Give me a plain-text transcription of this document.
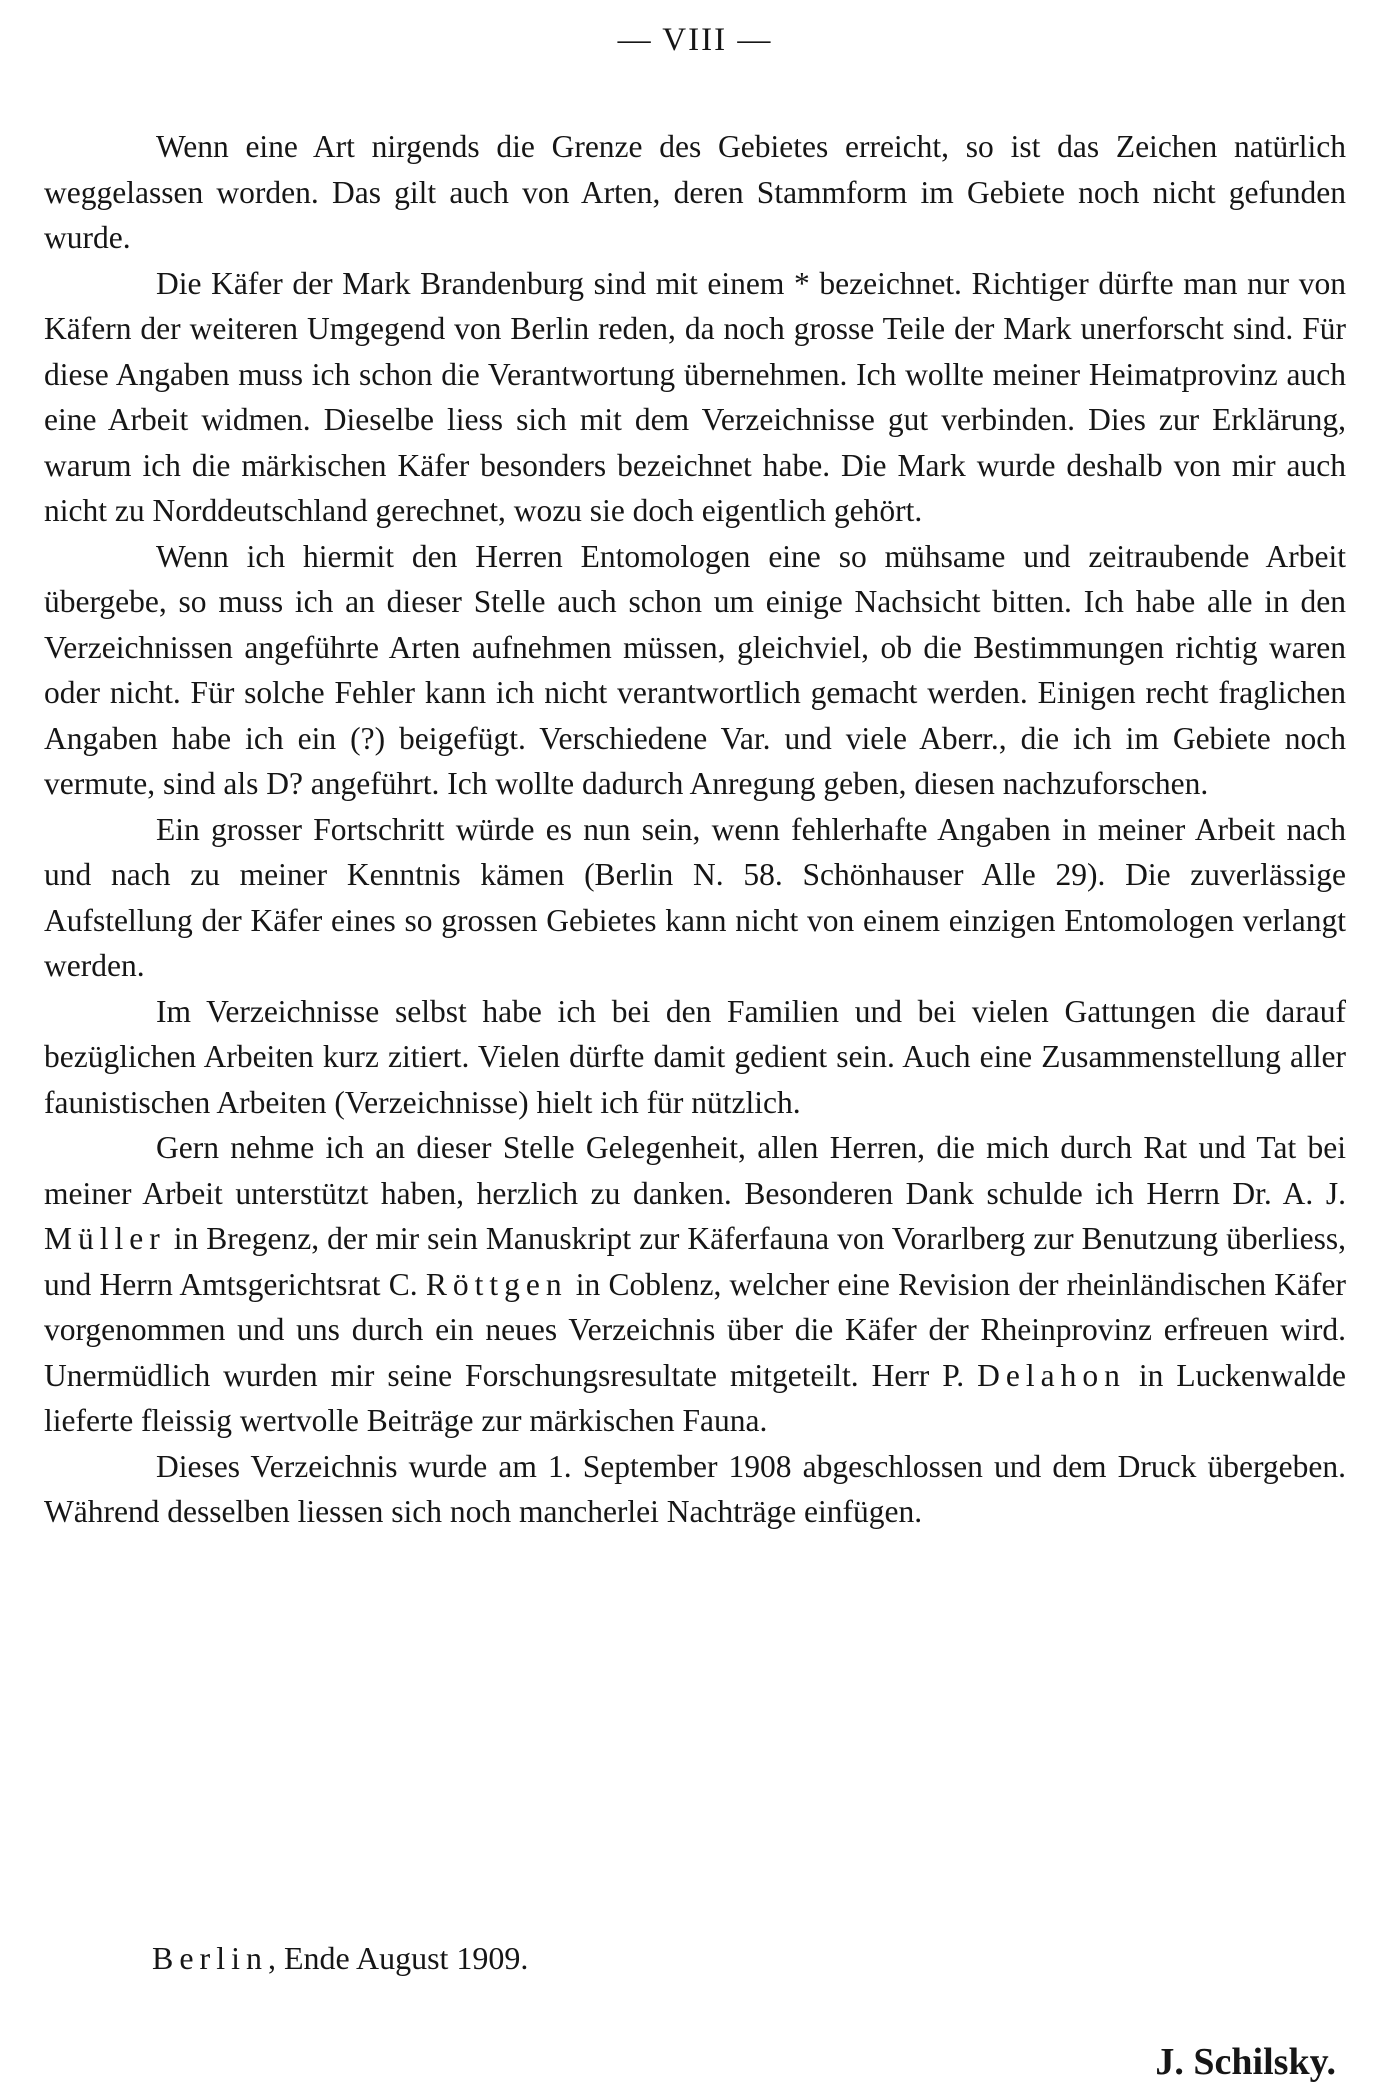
— VIII —

Wenn eine Art nirgends die Grenze des Gebietes erreicht, so ist das Zeichen natürlich weggelassen worden. Das gilt auch von Arten, deren Stammform im Gebiete noch nicht gefunden wurde.

Die Käfer der Mark Brandenburg sind mit einem * bezeichnet. Richtiger dürfte man nur von Käfern der weiteren Umgegend von Berlin reden, da noch grosse Teile der Mark unerforscht sind. Für diese Angaben muss ich schon die Verantwortung übernehmen. Ich wollte meiner Heimatprovinz auch eine Arbeit widmen. Dieselbe liess sich mit dem Verzeichnisse gut verbinden. Dies zur Erklärung, warum ich die märkischen Käfer besonders bezeichnet habe. Die Mark wurde deshalb von mir auch nicht zu Norddeutschland gerechnet, wozu sie doch eigentlich gehört.

Wenn ich hiermit den Herren Entomologen eine so mühsame und zeitraubende Arbeit übergebe, so muss ich an dieser Stelle auch schon um einige Nachsicht bitten. Ich habe alle in den Verzeichnissen angeführte Arten aufnehmen müssen, gleichviel, ob die Bestimmungen richtig waren oder nicht. Für solche Fehler kann ich nicht verantwortlich gemacht werden. Einigen recht fraglichen Angaben habe ich ein (?) beigefügt. Verschiedene Var. und viele Aberr., die ich im Gebiete noch vermute, sind als D? angeführt. Ich wollte dadurch Anregung geben, diesen nachzuforschen.

Ein grosser Fortschritt würde es nun sein, wenn fehlerhafte Angaben in meiner Arbeit nach und nach zu meiner Kenntnis kämen (Berlin N. 58. Schönhauser Alle 29). Die zuverlässige Aufstellung der Käfer eines so grossen Gebietes kann nicht von einem einzigen Entomologen verlangt werden.

Im Verzeichnisse selbst habe ich bei den Familien und bei vielen Gattungen die darauf bezüglichen Arbeiten kurz zitiert. Vielen dürfte damit gedient sein. Auch eine Zusammenstellung aller faunistischen Arbeiten (Verzeichnisse) hielt ich für nützlich.

Gern nehme ich an dieser Stelle Gelegenheit, allen Herren, die mich durch Rat und Tat bei meiner Arbeit unterstützt haben, herzlich zu danken. Besonderen Dank schulde ich Herrn Dr. A. J. Müller in Bregenz, der mir sein Manuskript zur Käferfauna von Vorarlberg zur Benutzung überliess, und Herrn Amtsgerichtsrat C. Röttgen in Coblenz, welcher eine Revision der rheinländischen Käfer vorgenommen und uns durch ein neues Verzeichnis über die Käfer der Rheinprovinz erfreuen wird. Unermüdlich wurden mir seine Forschungsresultate mitgeteilt. Herr P. Delahon in Luckenwalde lieferte fleissig wertvolle Beiträge zur märkischen Fauna.

Dieses Verzeichnis wurde am 1. September 1908 abgeschlossen und dem Druck übergeben. Während desselben liessen sich noch mancherlei Nachträge einfügen.

Berlin, Ende August 1909.
J. Schilsky.
